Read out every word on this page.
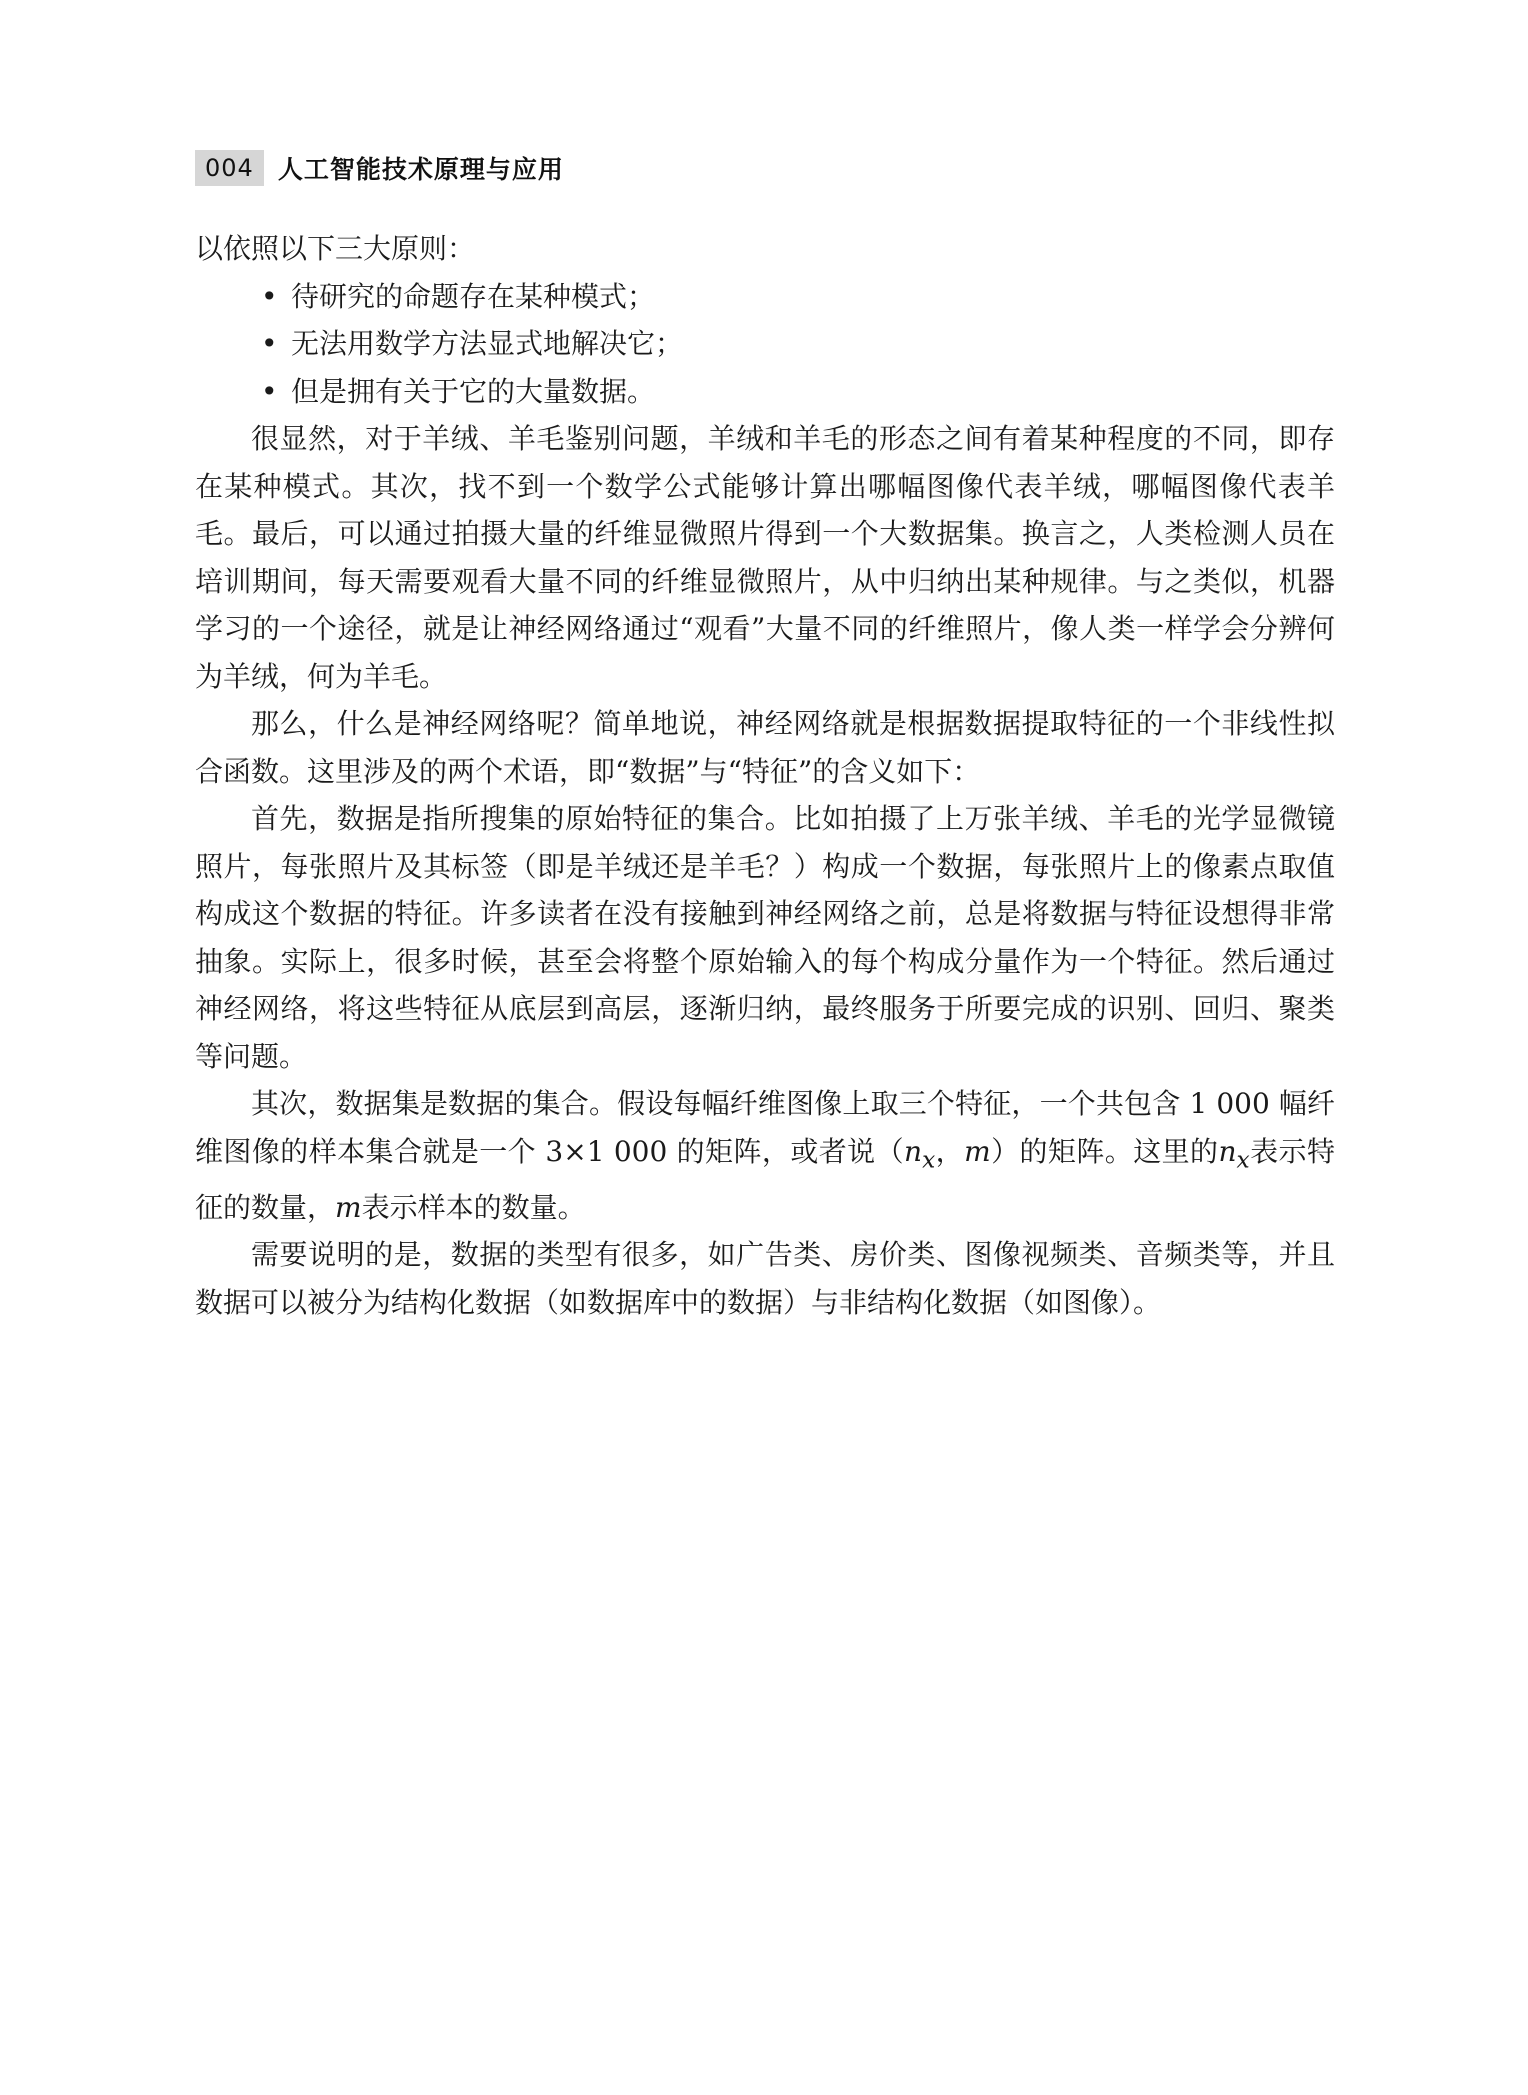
004 人工智能技术原理与应用

以依照以下三大原则：

• 待研究的命题存在某种模式；
• 无法用数学方法显式地解决它；
• 但是拥有关于它的大量数据。

很显然，对于羊绒、羊毛鉴别问题，羊绒和羊毛的形态之间有着某种程度的不同，即存在某种模式。其次，找不到一个数学公式能够计算出哪幅图像代表羊绒，哪幅图像代表羊毛。最后，可以通过拍摄大量的纤维显微照片得到一个大数据集。换言之，人类检测人员在培训期间，每天需要观看大量不同的纤维显微照片，从中归纳出某种规律。与之类似，机器学习的一个途径，就是让神经网络通过“观看”大量不同的纤维照片，像人类一样学会分辨何为羊绒，何为羊毛。

那么，什么是神经网络呢？简单地说，神经网络就是根据数据提取特征的一个非线性拟合函数。这里涉及的两个术语，即“数据”与“特征”的含义如下：

首先，数据是指所搜集的原始特征的集合。比如拍摄了上万张羊绒、羊毛的光学显微镜照片，每张照片及其标签（即是羊绒还是羊毛？）构成一个数据，每张照片上的像素点取值构成这个数据的特征。许多读者在没有接触到神经网络之前，总是将数据与特征设想得非常抽象。实际上，很多时候，甚至会将整个原始输入的每个构成分量作为一个特征。然后通过神经网络，将这些特征从底层到高层，逐渐归纳，最终服务于所要完成的识别、回归、聚类等问题。

其次，数据集是数据的集合。假设每幅纤维图像上取三个特征，一个共包含 1 000 幅纤维图像的样本集合就是一个 3×1 000 的矩阵，或者说（$n_x$，m）的矩阵。这里的$n_x$表示特征的数量，m表示样本的数量。

需要说明的是，数据的类型有很多，如广告类、房价类、图像视频类、音频类等，并且数据可以被分为结构化数据（如数据库中的数据）与非结构化数据（如图像）。
